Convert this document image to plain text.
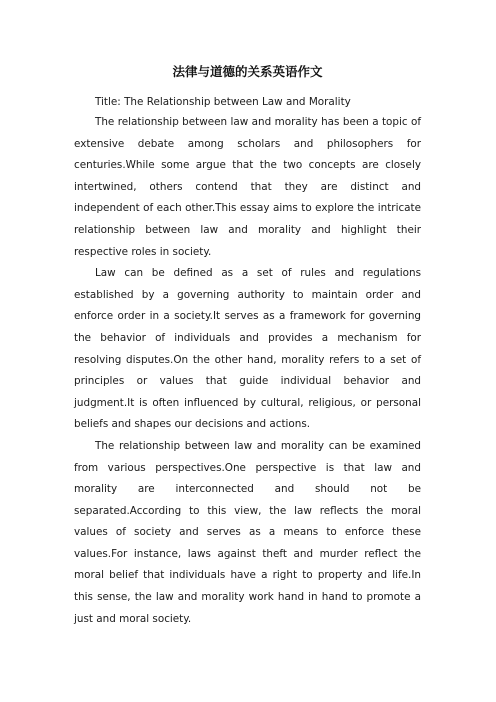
法律与道德的关系英语作文

Title: The Relationship between Law and Morality

The relationship between law and morality has been a topic of extensive debate among scholars and philosophers for centuries.While some argue that the two concepts are closely intertwined, others contend that they are distinct and independent of each other.This essay aims to explore the intricate relationship between law and morality and highlight their respective roles in society.

Law can be defined as a set of rules and regulations established by a governing authority to maintain order and enforce order in a society.It serves as a framework for governing the behavior of individuals and provides a mechanism for resolving disputes.On the other hand, morality refers to a set of principles or values that guide individual behavior and judgment.It is often influenced by cultural, religious, or personal beliefs and shapes our decisions and actions.

The relationship between law and morality can be examined from various perspectives.One perspective is that law and morality are interconnected and should not be separated.According to this view, the law reflects the moral values of society and serves as a means to enforce these values.For instance, laws against theft and murder reflect the moral belief that individuals have a right to property and life.In this sense, the law and morality work hand in hand to promote a just and moral society.
